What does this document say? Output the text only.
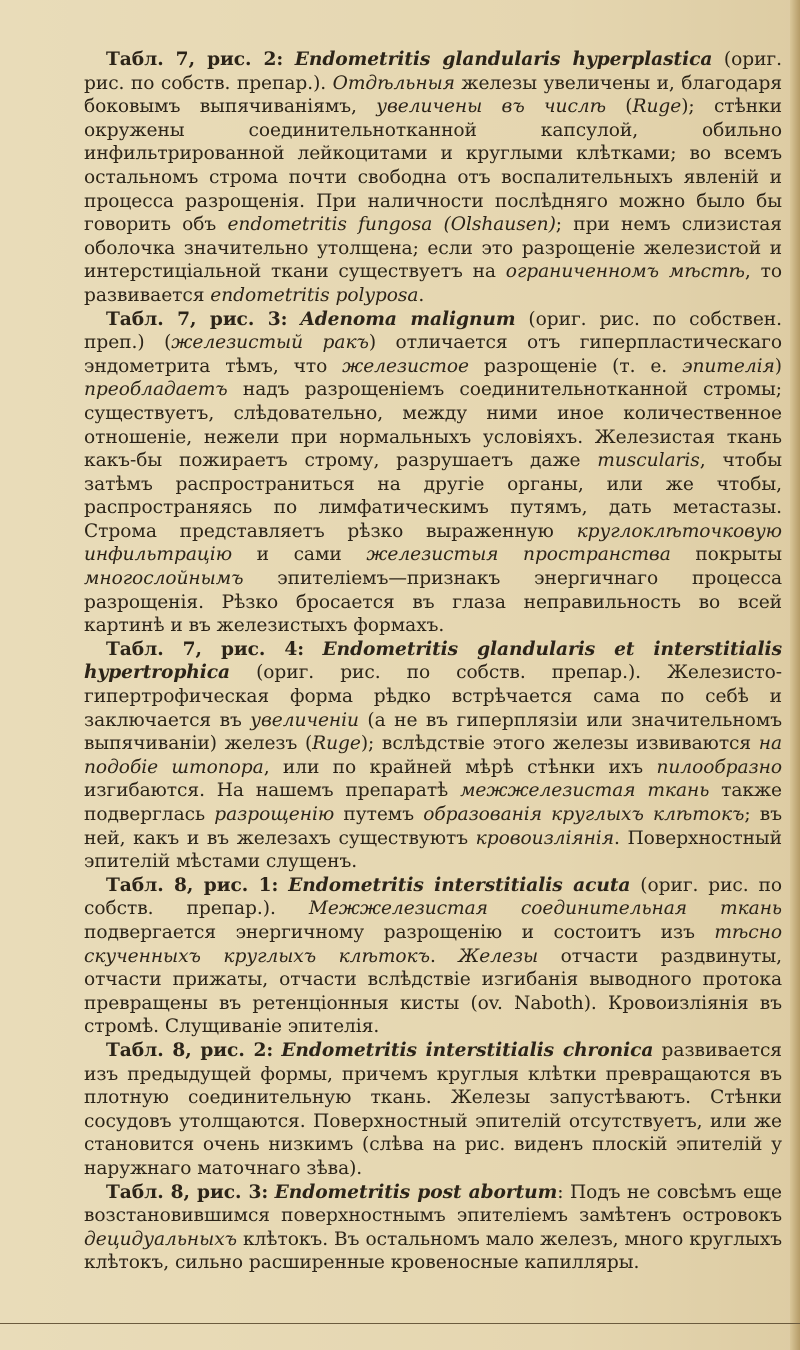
Табл. 7, рис. 2: Endometritis glandularis hyperplastica (ориг. рис. по собств. препар.). Отдѣльныя железы увеличены и, благодаря боковымъ выпячиваніямъ, увеличены въ числѣ (Ruge); стѣнки окружены соединительнотканной капсулой, обильно инфильтрированной лейкоцитами и круглыми клѣтками; во всемъ остальномъ строма почти свободна отъ воспалительныхъ явленій и процесса разрощенія. При наличности послѣдняго можно было бы говорить объ endometritis fungosa (Olshausen); при немъ слизистая оболочка значительно утолщена; если это разрощеніе железистой и интерстиціальной ткани существуетъ на ограниченномъ мѣстѣ, то развивается endometritis polyposa.

Табл. 7, рис. 3: Adenoma malignum (ориг. рис. по собствен. преп.) (железистый ракъ) отличается отъ гиперпластическаго эндометрита тѣмъ, что железистое разрощеніе (т. е. эпителія) преобладаетъ надъ разрощеніемъ соединительнотканной стромы; существуетъ, слѣдовательно, между ними иное количественное отношеніе, нежели при нормальныхъ условіяхъ. Железистая ткань какъ-бы пожираетъ строму, разрушаетъ даже muscularis, чтобы затѣмъ распространиться на другіе органы, или же чтобы, распространяясь по лимфатическимъ путямъ, дать метастазы. Строма представляетъ рѣзко выраженную круглоклѣточковую инфильтрацію и сами железистыя пространства покрыты многослойнымъ эпителіемъ—признакъ энергичнаго процесса разрощенія. Рѣзко бросается въ глаза неправильность во всей картинѣ и въ железистыхъ формахъ.

Табл. 7, рис. 4: Endometritis glandularis et interstitialis hypertrophica (ориг. рис. по собств. препар.). Железисто-гипертрофическая форма рѣдко встрѣчается сама по себѣ и заключается въ увеличеніи (а не въ гиперплязіи или значительномъ выпячиваніи) железъ (Ruge); вслѣдствіе этого железы извиваются на подобіе штопора, или по крайней мѣрѣ стѣнки ихъ пилообразно изгибаются. На нашемъ препаратѣ межжелезистая ткань также подверглась разрощенію путемъ образованія круглыхъ клѣтокъ; въ ней, какъ и въ железахъ существуютъ кровоизліянія. Поверхностный эпителій мѣстами слущенъ.

Табл. 8, рис. 1: Endometritis interstitialis acuta (ориг. рис. по собств. препар.). Межжелезистая соединительная ткань подвергается энергичному разрощенію и состоитъ изъ тѣсно скученныхъ круглыхъ клѣтокъ. Железы отчасти раздвинуты, отчасти прижаты, отчасти вслѣдствіе изгибанія выводного протока превращены въ ретенціонныя кисты (ov. Naboth). Кровоизліянія въ стромѣ. Слущиваніе эпителія.

Табл. 8, рис. 2: Endometritis interstitialis chronica развивается изъ предыдущей формы, причемъ круглыя клѣтки превращаются въ плотную соединительную ткань. Железы запустѣваютъ. Стѣнки сосудовъ утолщаются. Поверхностный эпителій отсутствуетъ, или же становится очень низкимъ (слѣва на рис. виденъ плоскій эпителій у наружнаго маточнаго зѣва).

Табл. 8, рис. 3: Endometritis post abortum: Подъ не совсѣмъ еще возстановившимся поверхностнымъ эпителіемъ замѣтенъ островокъ децидуальныхъ клѣтокъ. Въ остальномъ мало железъ, много круглыхъ клѣтокъ, сильно расширенные кровеносные капилляры.
